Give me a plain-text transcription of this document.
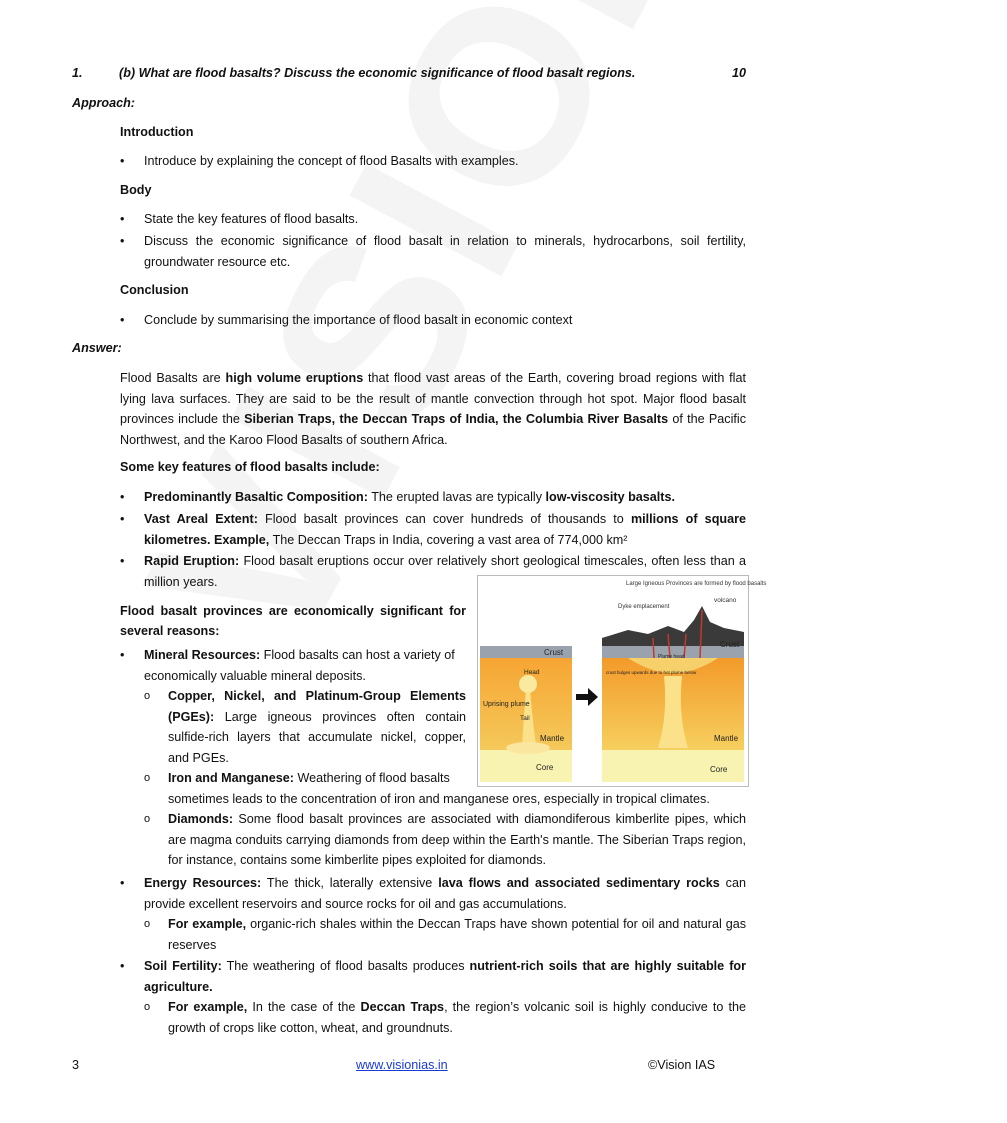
1.	(b) What are flood basalts? Discuss the economic significance of flood basalt regions.	10
Approach:
Introduction
• Introduce by explaining the concept of flood Basalts with examples.
Body
• State the key features of flood basalts.
• Discuss the economic significance of flood basalt in relation to minerals, hydrocarbons, soil fertility, groundwater resource etc.
Conclusion
• Conclude by summarising the importance of flood basalt in economic context
Answer:
Flood Basalts are high volume eruptions that flood vast areas of the Earth, covering broad regions with flat lying lava surfaces. They are said to be the result of mantle convection through hot spot. Major flood basalt provinces include the Siberian Traps, the Deccan Traps of India, the Columbia River Basalts of the Pacific Northwest, and the Karoo Flood Basalts of southern Africa.
Some key features of flood basalts include:
• Predominantly Basaltic Composition: The erupted lavas are typically low-viscosity basalts.
• Vast Areal Extent: Flood basalt provinces can cover hundreds of thousands to millions of square kilometres. Example, The Deccan Traps in India, covering a vast area of 774,000 km²
• Rapid Eruption: Flood basalt eruptions occur over relatively short geological timescales, often less than a million years.	Large Igneous Provinces are formed by flood basalts
volcano
Dyke emplacement
Crust
Crust
Head
Uprising plume
Tail
Mantle	Mantle
Core	Core
Plume head
crust bulges upwards due to hot plume below
Flood basalt provinces are economically significant for several reasons:
• Mineral Resources: Flood basalts can host a variety of economically valuable mineral deposits.
o Copper, Nickel, and Platinum-Group Elements (PGEs): Large igneous provinces often contain sulfide-rich layers that accumulate nickel, copper, and PGEs.
o Iron and Manganese: Weathering of flood basalts
sometimes leads to the concentration of iron and manganese ores, especially in tropical climates.
o Diamonds: Some flood basalt provinces are associated with diamondiferous kimberlite pipes, which are magma conduits carrying diamonds from deep within the Earth's mantle. The Siberian Traps region, for instance, contains some kimberlite pipes exploited for diamonds.
• Energy Resources: The thick, laterally extensive lava flows and associated sedimentary rocks can provide excellent reservoirs and source rocks for oil and gas accumulations.
o For example, organic-rich shales within the Deccan Traps have shown potential for oil and natural gas reserves
• Soil Fertility: The weathering of flood basalts produces nutrient-rich soils that are highly suitable for agriculture.
o For example, In the case of the Deccan Traps, the region’s volcanic soil is highly conducive to the growth of crops like cotton, wheat, and groundnuts.
3	www.visionias.in	©Vision IAS
